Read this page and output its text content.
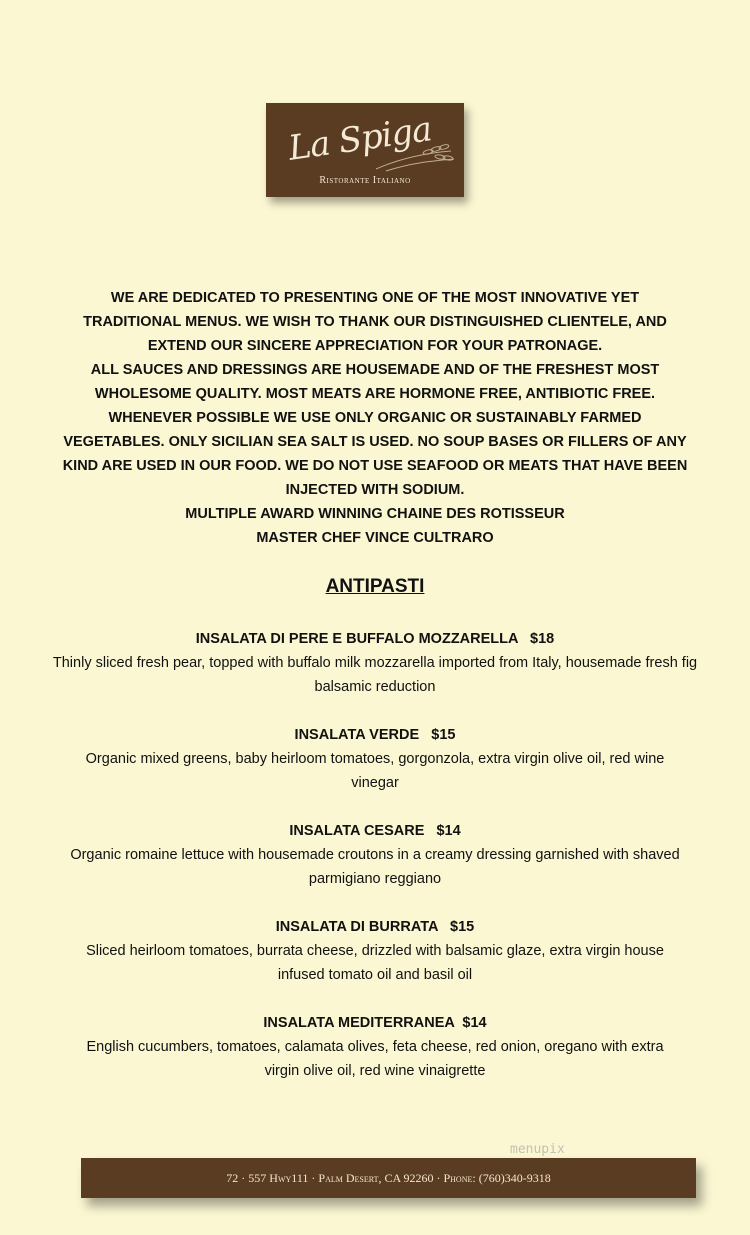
La Spiga
Ristorante Italiano

WE ARE DEDICATED TO PRESENTING ONE OF THE MOST INNOVATIVE YET TRADITIONAL MENUS. WE WISH TO THANK OUR DISTINGUISHED CLIENTELE, AND EXTEND OUR SINCERE APPRECIATION FOR YOUR PATRONAGE.

ALL SAUCES AND DRESSINGS ARE HOUSEMADE AND OF THE FRESHEST MOST WHOLESOME QUALITY. MOST MEATS ARE HORMONE FREE, ANTIBIOTIC FREE.

WHENEVER POSSIBLE WE USE ONLY ORGANIC OR SUSTAINABLY FARMED VEGETABLES. ONLY SICILIAN SEA SALT IS USED. NO SOUP BASES OR FILLERS OF ANY KIND ARE USED IN OUR FOOD. WE DO NOT USE SEAFOOD OR MEATS THAT HAVE BEEN INJECTED WITH SODIUM.

MULTIPLE AWARD WINNING CHAINE DES ROTISSEUR

MASTER CHEF VINCE CULTRARO

ANTIPASTI
INSALATA DI PERE E BUFFALO MOZZARELLA $18
Thinly sliced fresh pear, topped with buffalo milk mozzarella imported from Italy, housemade fresh fig balsamic reduction
INSALATA VERDE $15
Organic mixed greens, baby heirloom tomatoes, gorgonzola, extra virgin olive oil, red wine vinegar
INSALATA CESARE $14
Organic romaine lettuce with housemade croutons in a creamy dressing garnished with shaved parmigiano reggiano
INSALATA DI BURRATA $15
Sliced heirloom tomatoes, burrata cheese, drizzled with balsamic glaze, extra virgin house infused tomato oil and basil oil
INSALATA MEDITERRANEA $14
English cucumbers, tomatoes, calamata olives, feta cheese, red onion, oregano with extra virgin olive oil, red wine vinaigrette
menupix
72 · 557 Hwy111 · Palm Desert, CA 92260 · Phone: (760)340-9318
